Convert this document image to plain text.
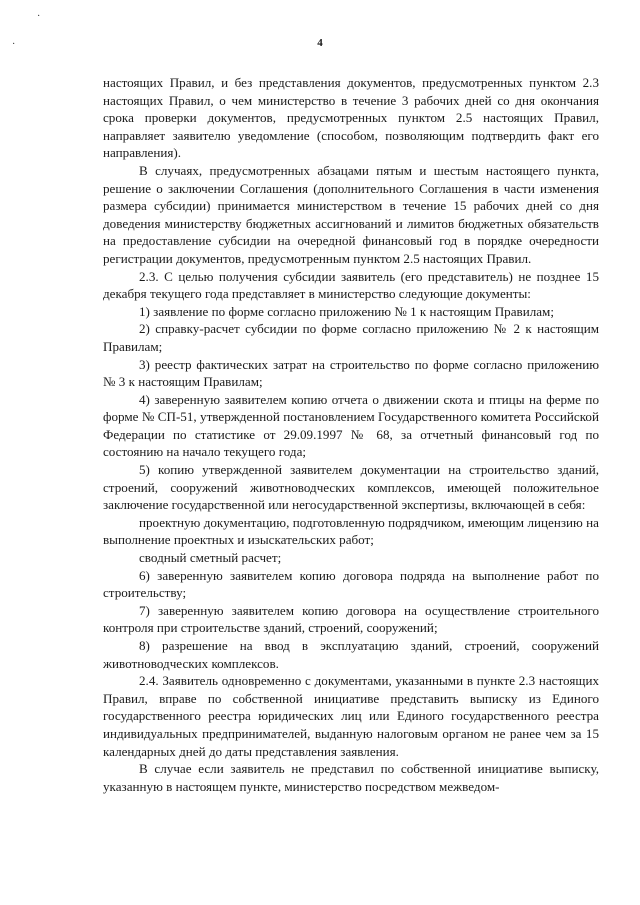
·
·	4

настоящих Правил, и без представления документов, предусмотренных пунктом 2.3 настоящих Правил, о чем министерство в течение 3 рабочих дней со дня окончания срока проверки документов, предусмотренных пунктом 2.5 настоящих Правил, направляет заявителю уведомление (способом, позволяющим подтвердить факт его направления).

В случаях, предусмотренных абзацами пятым и шестым настоящего пункта, решение о заключении Соглашения (дополнительного Соглашения в части изменения размера субсидии) принимается министерством в течение 15 рабочих дней со дня доведения министерству бюджетных ассигнований и лимитов бюджетных обязательств на предоставление субсидии на очередной финансовый год в порядке очередности регистрации документов, предусмотренным пунктом 2.5 настоящих Правил.

2.3. С целью получения субсидии заявитель (его представитель) не позднее 15 декабря текущего года представляет в министерство следующие документы:

1) заявление по форме согласно приложению № 1 к настоящим Правилам;

2) справку-расчет субсидии по форме согласно приложению № 2 к настоящим Правилам;

3) реестр фактических затрат на строительство по форме согласно приложению № 3 к настоящим Правилам;

4) заверенную заявителем копию отчета о движении скота и птицы на ферме по форме № СП-51, утвержденной постановлением Государственного комитета Российской Федерации по статистике от 29.09.1997 № 68, за отчетный финансовый год по состоянию на начало текущего года;

5) копию утвержденной заявителем документации на строительство зданий, строений, сооружений животноводческих комплексов, имеющей положительное заключение государственной или негосударственной экспертизы, включающей в себя:

проектную документацию, подготовленную подрядчиком, имеющим лицензию на выполнение проектных и изыскательских работ;

сводный сметный расчет;

6) заверенную заявителем копию договора подряда на выполнение работ по строительству;

7) заверенную заявителем копию договора на осуществление строительного контроля при строительстве зданий, строений, сооружений;

8) разрешение на ввод в эксплуатацию зданий, строений, сооружений животноводческих комплексов.

2.4. Заявитель одновременно с документами, указанными в пункте 2.3 настоящих Правил, вправе по собственной инициативе представить выписку из Единого государственного реестра юридических лиц или Единого государственного реестра индивидуальных предпринимателей, выданную налоговым органом не ранее чем за 15 календарных дней до даты представления заявления.

В случае если заявитель не представил по собственной инициативе выписку, указанную в настоящем пункте, министерство посредством межведом-
